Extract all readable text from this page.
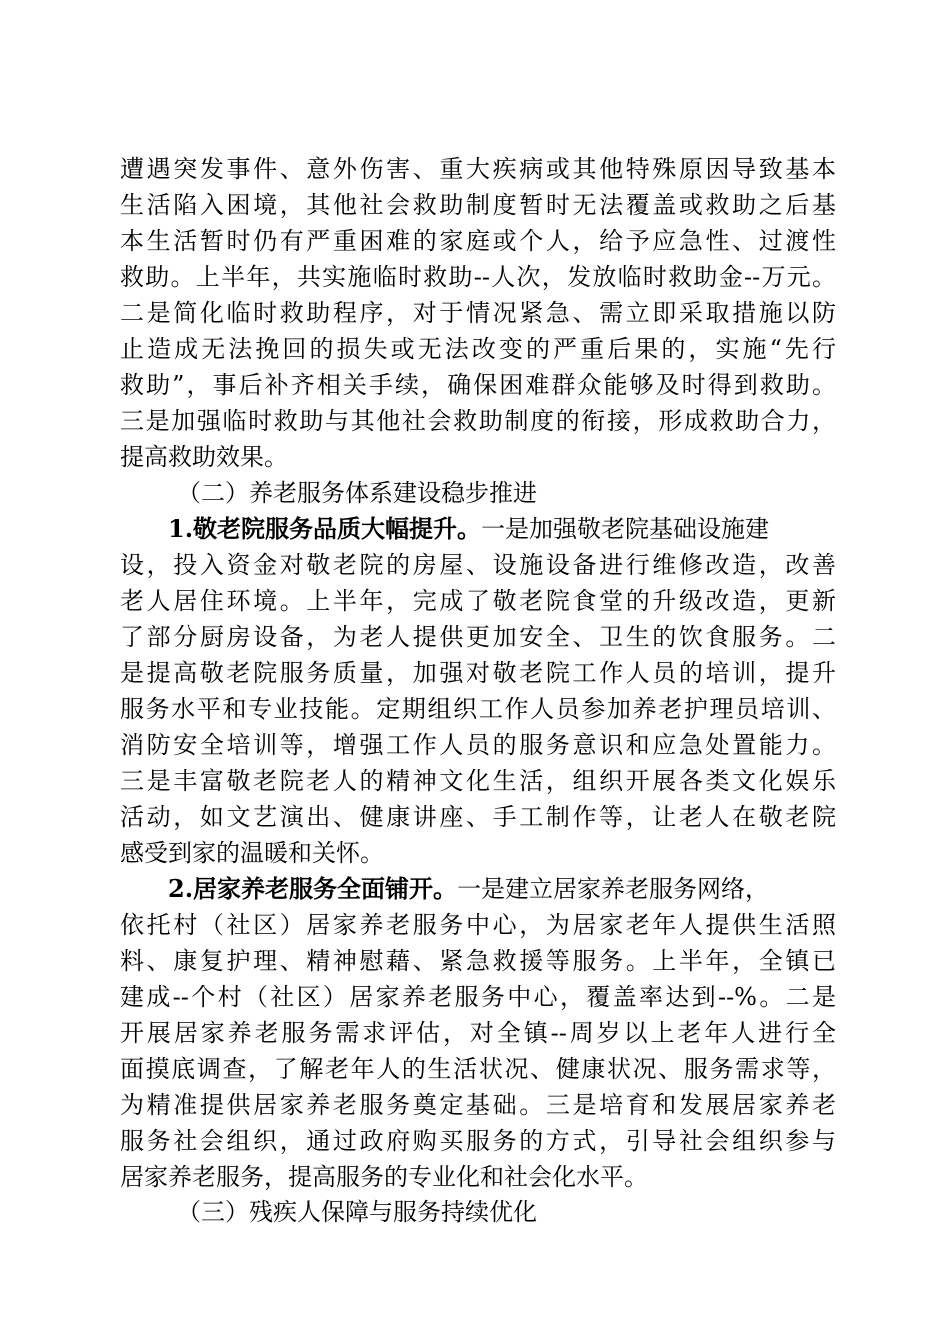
遭遇突发事件、意外伤害、重大疾病或其他特殊原因导致基本
生活陷入困境，其他社会救助制度暂时无法覆盖或救助之后基
本生活暂时仍有严重困难的家庭或个人，给予应急性、过渡性
救助。上半年，共实施临时救助--人次，发放临时救助金--万元。
二是简化临时救助程序，对于情况紧急、需立即采取措施以防
止造成无法挽回的损失或无法改变的严重后果的，实施“先行
救助”，事后补齐相关手续，确保困难群众能够及时得到救助。
三是加强临时救助与其他社会救助制度的衔接，形成救助合力，
提高救助效果。
（二）养老服务体系建设稳步推进
1.敬老院服务品质大幅提升。一是加强敬老院基础设施建
设，投入资金对敬老院的房屋、设施设备进行维修改造，改善
老人居住环境。上半年，完成了敬老院食堂的升级改造，更新
了部分厨房设备，为老人提供更加安全、卫生的饮食服务。二
是提高敬老院服务质量，加强对敬老院工作人员的培训，提升
服务水平和专业技能。定期组织工作人员参加养老护理员培训、
消防安全培训等，增强工作人员的服务意识和应急处置能力。
三是丰富敬老院老人的精神文化生活，组织开展各类文化娱乐
活动，如文艺演出、健康讲座、手工制作等，让老人在敬老院
感受到家的温暖和关怀。
2.居家养老服务全面铺开。一是建立居家养老服务网络，
依托村（社区）居家养老服务中心，为居家老年人提供生活照
料、康复护理、精神慰藉、紧急救援等服务。上半年，全镇已
建成--个村（社区）居家养老服务中心，覆盖率达到--%。二是
开展居家养老服务需求评估，对全镇--周岁以上老年人进行全
面摸底调查，了解老年人的生活状况、健康状况、服务需求等，
为精准提供居家养老服务奠定基础。三是培育和发展居家养老
服务社会组织，通过政府购买服务的方式，引导社会组织参与
居家养老服务，提高服务的专业化和社会化水平。
（三）残疾人保障与服务持续优化
